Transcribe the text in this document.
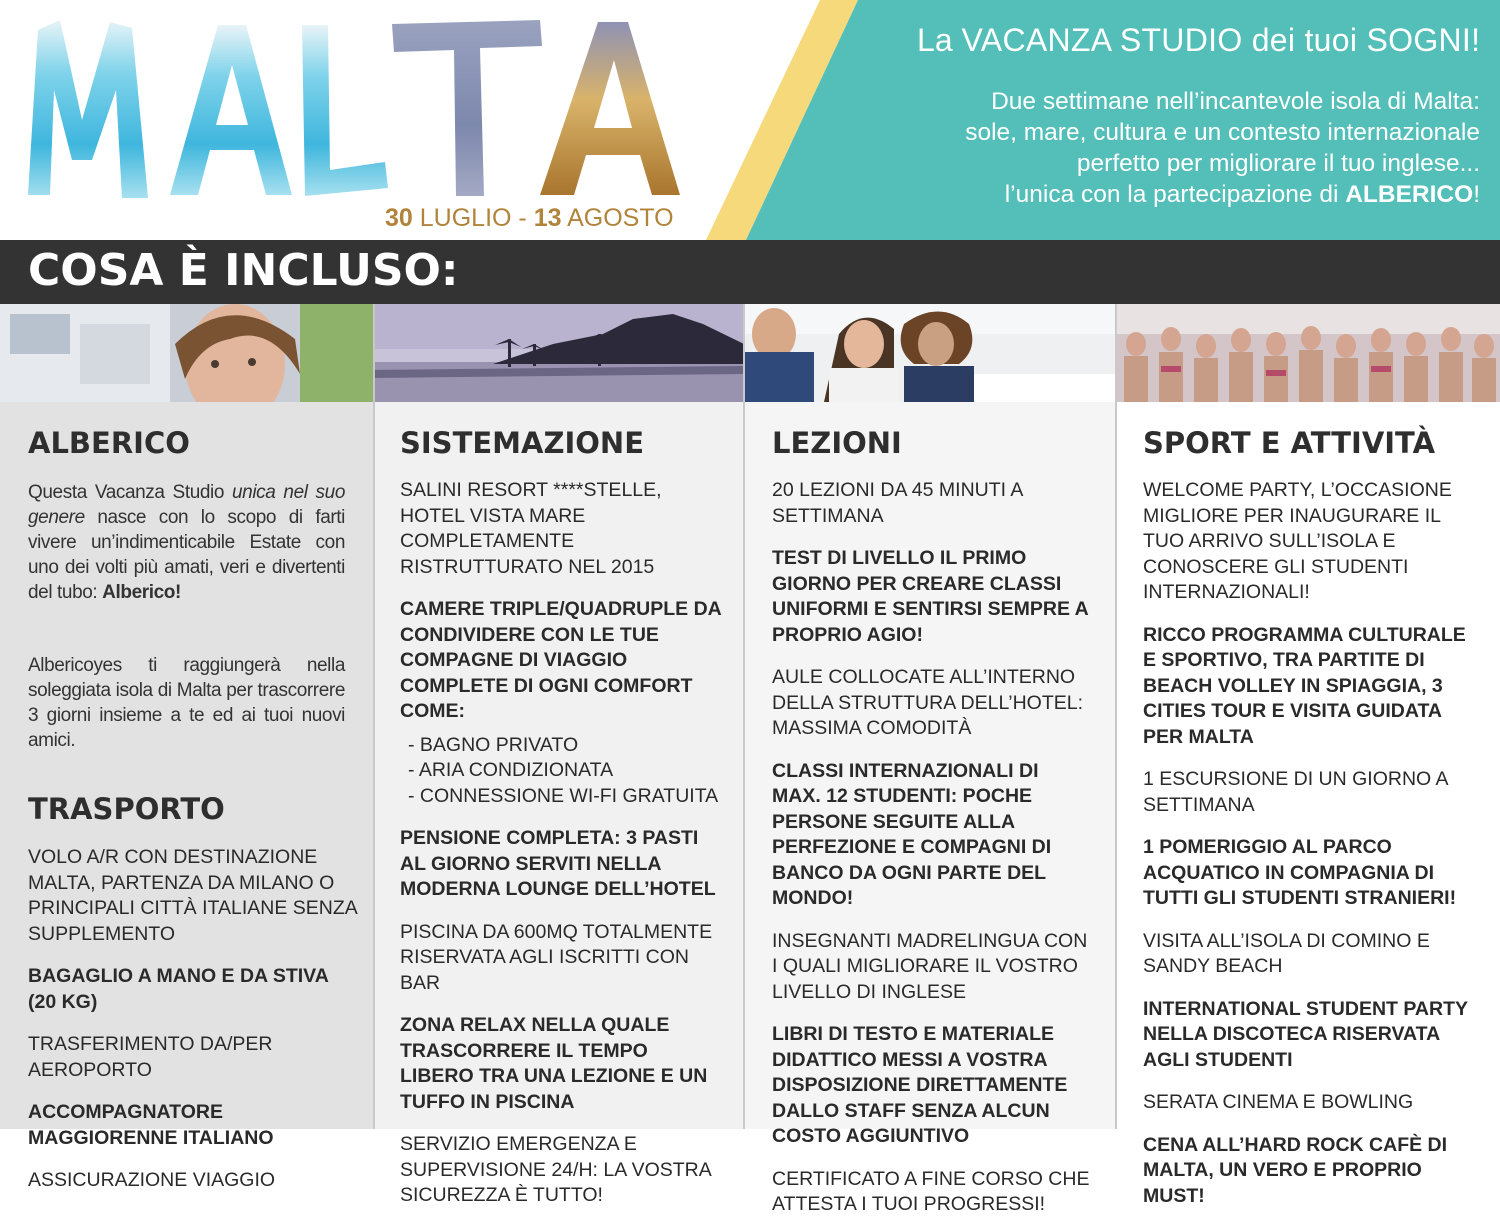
30 LUGLIO - 13 AGOSTO
La VACANZA STUDIO dei tuoi SOGNI!
Due settimane nell’incantevole isola di Malta:
sole, mare, cultura e un contesto internazionale
perfetto per migliorare il tuo inglese...
l’unica con la partecipazione di ALBERICO!
COSA È INCLUSO:
ALBERICO

Questa Vacanza Studio unica nel suo genere nasce con lo scopo di farti vivere un’indimenticabile Estate con uno dei volti più amati, veri e divertenti del tubo: Alberico!

Albericoyes ti raggiungerà nella soleggiata isola di Malta per trascorrere 3 giorni insieme a te ed ai tuoi nuovi amici.

TRASPORTO
VOLO A/R CON DESTINAZIONE MALTA, PARTENZA DA MILANO O PRINCIPALI CITTÀ ITALIANE SENZA SUPPLEMENTO
BAGAGLIO A MANO E DA STIVA (20 KG)
TRASFERIMENTO DA/PER AEROPORTO
ACCOMPAGNATORE MAGGIORENNE ITALIANO
ASSICURAZIONE VIAGGIO
SISTEMAZIONE
SALINI RESORT ****STELLE, HOTEL VISTA MARE COMPLETAMENTE RISTRUTTURATO NEL 2015
CAMERE TRIPLE/QUADRUPLE DA CONDIVIDERE CON LE TUE COMPAGNE DI VIAGGIO COMPLETE DI OGNI COMFORT COME:
- BAGNO PRIVATO
- ARIA CONDIZIONATA
- CONNESSIONE WI-FI GRATUITA
PENSIONE COMPLETA: 3 PASTI AL GIORNO SERVITI NELLA MODERNA LOUNGE DELL’HOTEL
PISCINA DA 600MQ TOTALMENTE RISERVATA AGLI ISCRITTI CON BAR
ZONA RELAX NELLA QUALE TRASCORRERE IL TEMPO LIBERO TRA UNA LEZIONE E UN TUFFO IN PISCINA
SERVIZIO EMERGENZA E SUPERVISIONE 24/H: LA VOSTRA SICUREZZA È TUTTO!
LEZIONI
20 LEZIONI DA 45 MINUTI A SETTIMANA
TEST DI LIVELLO IL PRIMO GIORNO PER CREARE CLASSI UNIFORMI E SENTIRSI SEMPRE A PROPRIO AGIO!
AULE COLLOCATE ALL’INTERNO DELLA STRUTTURA DELL’HOTEL: MASSIMA COMODITÀ
CLASSI INTERNAZIONALI DI MAX. 12 STUDENTI: POCHE PERSONE SEGUITE ALLA PERFEZIONE E COMPAGNI DI BANCO DA OGNI PARTE DEL MONDO!
INSEGNANTI MADRELINGUA CON I QUALI MIGLIORARE IL VOSTRO LIVELLO DI INGLESE
LIBRI DI TESTO E MATERIALE DIDATTICO MESSI A VOSTRA DISPOSIZIONE DIRETTAMENTE DALLO STAFF SENZA ALCUN COSTO AGGIUNTIVO
CERTIFICATO A FINE CORSO CHE ATTESTA I TUOI PROGRESSI!
SPORT E ATTIVITÀ
WELCOME PARTY, L’OCCASIONE MIGLIORE PER INAUGURARE IL TUO ARRIVO SULL’ISOLA E CONOSCERE GLI STUDENTI INTERNAZIONALI!
RICCO PROGRAMMA CULTURALE E SPORTIVO, TRA PARTITE DI BEACH VOLLEY IN SPIAGGIA, 3 CITIES TOUR E VISITA GUIDATA PER MALTA
1 ESCURSIONE DI UN GIORNO A SETTIMANA
1 POMERIGGIO AL PARCO ACQUATICO IN COMPAGNIA DI TUTTI GLI STUDENTI STRANIERI!
VISITA ALL’ISOLA DI COMINO E SANDY BEACH
INTERNATIONAL STUDENT PARTY NELLA DISCOTECA RISERVATA AGLI STUDENTI
SERATA CINEMA E BOWLING
CENA ALL’HARD ROCK CAFÈ DI MALTA, UN VERO E PROPRIO MUST!
